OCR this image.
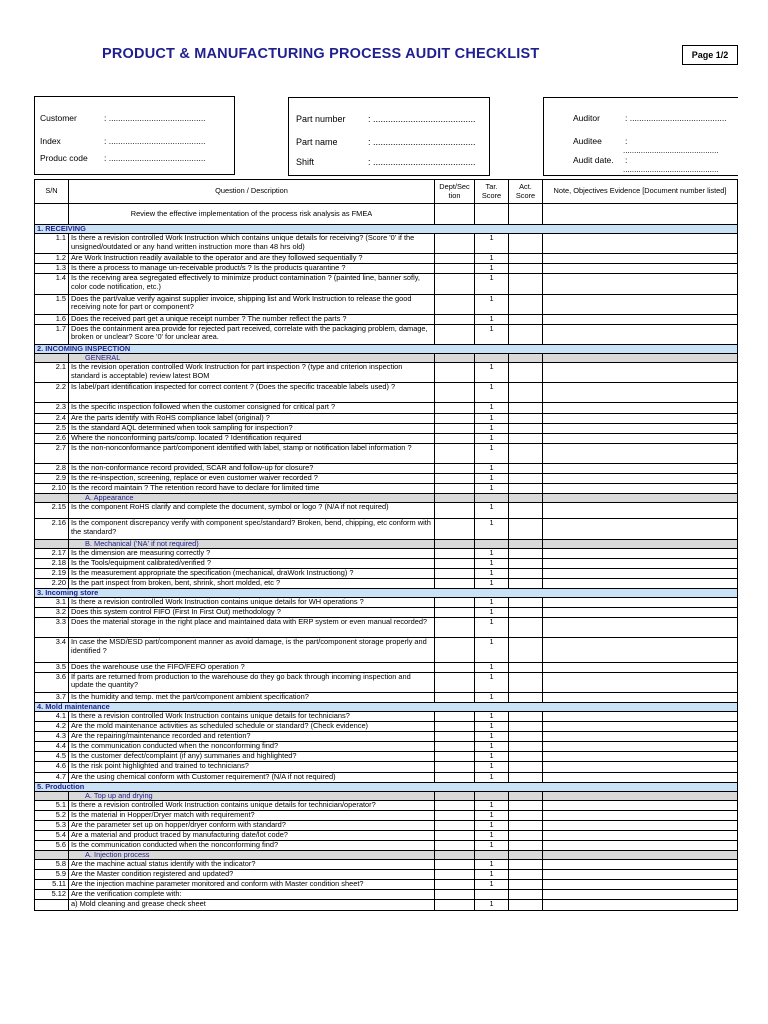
PRODUCT & MANUFACTURING PROCESS AUDIT CHECKLIST	Page 1/2
Customer	: .........................................
Index	: .........................................
Produc code	: .........................................
Part number	: .........................................
Part name	: .........................................
Shift	: .........................................
Auditor	: .........................................
Auditee	:
...........................................
Audit date.	:
...........................................
S/N	Question / Description	Dept/Sec tion	Tar. Score	Act. Score	Note, Objectives Evidence [Document number listed]
	Review the effective implementation of the process risk analysis as FMEA				
1. RECEIVING					
1.1	Is there a revision controlled Work Instruction which contains unique details for receiving? (Score '0' if the unsigned/outdated or any hand written instruction more than 48 hrs old)		1		
1.2	Are Work Instruction readily available to the operator and are they followed sequentially ?		1		
1.3	Is there a process to manage un-receivable product/s ? Is the products quarantine ?		1		
1.4	Is the receiving area segregated effectively to minimize product contamination ? (painted line, banner sofly, color code notification, etc.)		1		
1.5	Does the part/value verify against supplier invoice, shipping list and Work Instruction to release the good receiving note for part or component?		1		
1.6	Does the received part get a unique receipt number ? The number reflect the parts ?		1		
1.7	Does the containment area provide for rejected part received, correlate with the packaging problem, damage, broken or unclear? Score '0' for unclear area.		1		
2. INCOMING INSPECTION					
	GENERAL				
2.1	Is the revision operation controlled Work Instruction for part inspection ? (type and criterion inspection standard is acceptable) review latest BOM		1		
2.2	Is label/part identification inspected for correct content ? (Does the specific traceable labels used) ?		1		
2.3	Is the specific inspection followed when the customer consigned for critical part ?		1		
2.4	Are the parts identify with RoHS compliance label (original) ?		1		
2.5	Is the standard AQL determined when took sampling for inspection?		1		
2.6	Where the nonconforming parts/comp. located ? Identification required		1		
2.7	Is the non-nonconformance part/component identified with label, stamp or notification label information ?		1		
2.8	Is the non-conformance record provided, SCAR and follow-up for closure?		1		
2.9	Is the re-inspection, screening, replace or even customer waiver recorded ?		1		
2.10	Is the record maintain ? The retention record have to declare for limited time		1		
	A. Appearance				
2.15	Is the component RoHS clarify and complete the document, symbol or logo ? (N/A if not required)		1		
2.16	Is the component discrepancy verify with component spec/standard? Broken, bend, chipping, etc conform with the standard?		1		
	B. Mechanical ('NA' if not required)				
2.17	Is the dimension are measuring correctly ?		1		
2.18	Is the Tools/equipment calibrated/verified ?		1		
2.19	Is the measurement appropriate the specification (mechanical, draWork Instructiong) ?		1		
2.20	Is the part inspect from broken, bent, shrink, short molded, etc ?		1		
3. Incoming store					
3.1	Is there a revision controlled Work Instruction contains unique details for WH operations ?		1		
3.2	Does this system control FIFO (First In First Out) methodology ?		1		
3.3	Does the material storage in the right place and maintained data with ERP system or even manual recorded?		1		
3.4	In case the MSD/ESD part/component manner as avoid damage, is the part/component storage properly and identified ?		1		
3.5	Does the warehouse use the FIFO/FEFO operation ?		1		
3.6	If parts are returned from production to the warehouse do they go back through incoming inspection and update the quantity?		1		
3.7	Is the humidity and temp. met the part/component ambient specification?		1		
4. Mold maintenance					
4.1	Is there a revision controlled Work Instruction contains unique details for technicians?		1		
4.2	Are the mold maintenance activities as scheduled schedule or standard? (Check evidence)		1		
4.3	Are the repairing/maintenance recorded and retention?		1		
4.4	Is the communication conducted when the nonconforming find?		1		
4.5	Is the customer defect/complaint (if any) summaries and highlighted?		1		
4.6	Is the risk point highlighted and trained to technicians?		1		
4.7	Are the using chemical conform with Customer requirement? (N/A if not required)		1		
5. Production					
	A. Top up and drying				
5.1	Is there a revision controlled Work Instruction contains unique details for technician/operator?		1		
5.2	Is the material in Hopper/Dryer match with requirement?		1		
5.3	Are the parameter set up on hopper/dryer conform with standard?		1		
5.4	Are a material and product traced by manufacturing date/lot code?		1		
5.6	Is the communication conducted when the nonconforming find?		1		
	A. Injection process				
5.8	Are the machine actual status identify with the indicator?		1		
5.9	Are the Master condition registered and updated?		1		
5.11	Are the injection machine parameter monitored and conform with Master condition sheet?		1		
5.12	Are the verification complete with:				
	a) Mold cleaning and grease check sheet		1		
